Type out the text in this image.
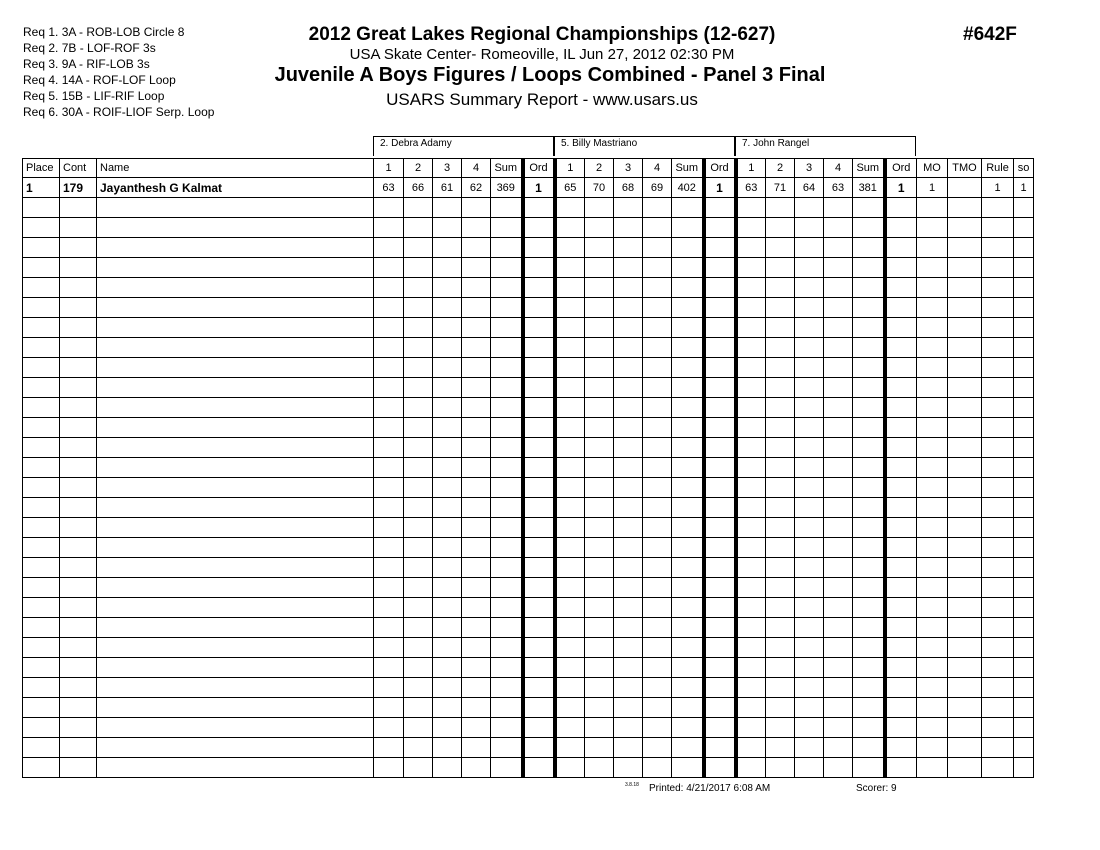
Req 1. 3A - ROB-LOB Circle 8
Req 2. 7B - LOF-ROF 3s
Req 3. 9A - RIF-LOB 3s
Req 4. 14A - ROF-LOF Loop
Req 5. 15B - LIF-RIF Loop
Req 6. 30A - ROIF-LIOF Serp. Loop
2012 Great Lakes Regional Championships (12-627)
USA Skate Center- Romeoville, IL Jun 27, 2012 02:30 PM
Juvenile A Boys Figures / Loops Combined - Panel 3 Final
USARS Summary Report - www.usars.us
#642F
2. Debra Adamy	5. Billy Mastriano	7. John Rangel
Place	Cont	Name	1	2	3	4	Sum	Ord	1	2	3	4	Sum	Ord	1	2	3	4	Sum	Ord	MO	TMO	Rule	so
1	179	Jayanthesh G Kalmat	63	66	61	62	369	1	65	70	68	69	402	1	63	71	64	63	381	1	1		1	1

3.8.18 Printed: 4/21/2017 6:08 AM	Scorer: 9
